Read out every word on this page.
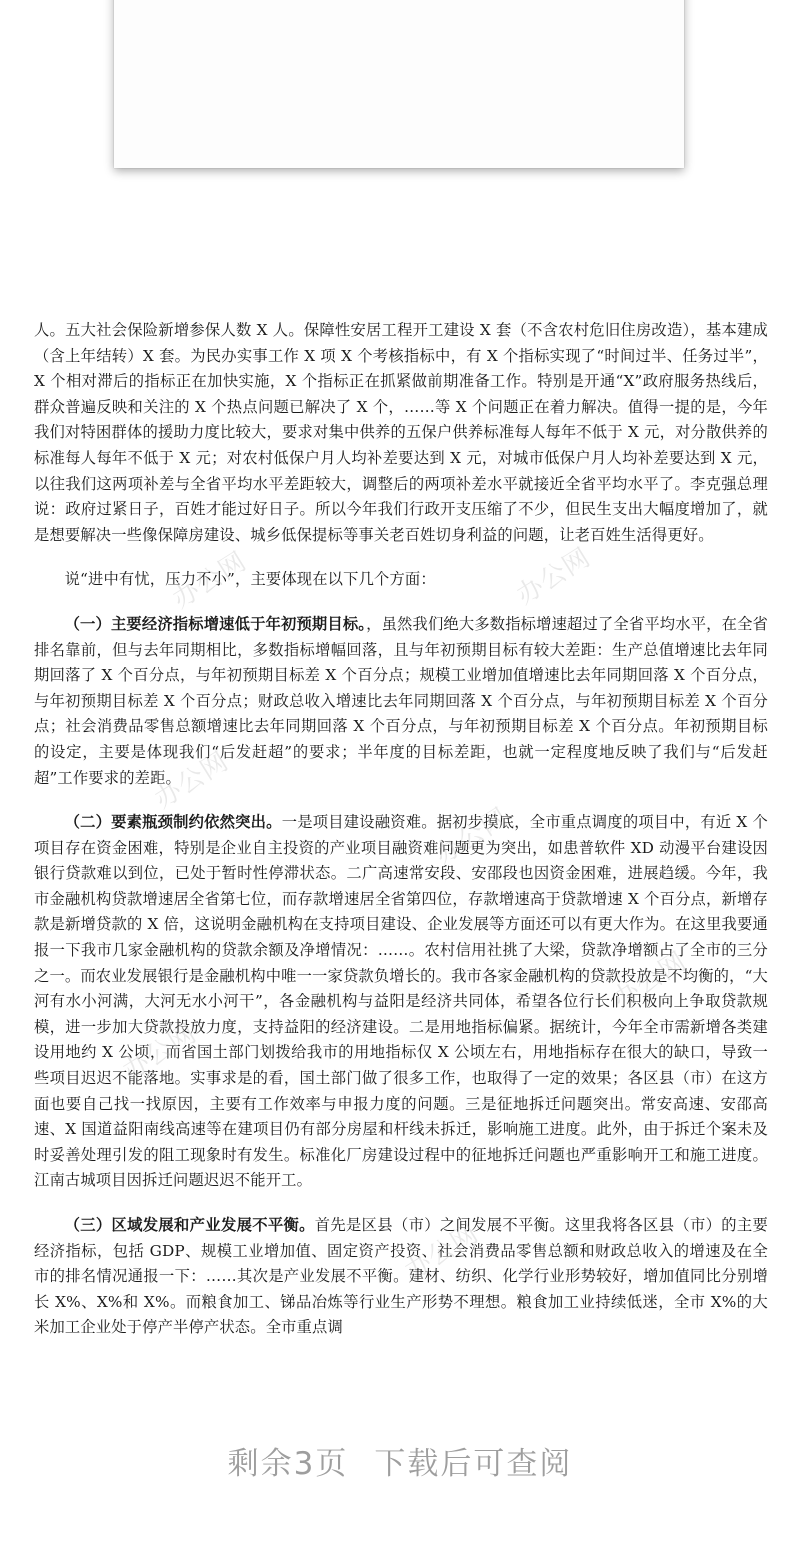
人。五大社会保险新增参保人数 X 人。保障性安居工程开工建设 X 套（不含农村危旧住房改造），基本建成（含上年结转）X 套。为民办实事工作 X 项 X 个考核指标中，有 X 个指标实现了“时间过半、任务过半”，X 个相对滞后的指标正在加快实施，X 个指标正在抓紧做前期准备工作。特别是开通“X”政府服务热线后，群众普遍反映和关注的 X 个热点问题已解决了 X 个，……等 X 个问题正在着力解决。值得一提的是，今年我们对特困群体的援助力度比较大，要求对集中供养的五保户供养标准每人每年不低于 X 元，对分散供养的标准每人每年不低于 X 元；对农村低保户月人均补差要达到 X 元，对城市低保户月人均补差要达到 X 元，以往我们这两项补差与全省平均水平差距较大，调整后的两项补差水平就接近全省平均水平了。李克强总理说：政府过紧日子，百姓才能过好日子。所以今年我们行政开支压缩了不少，但民生支出大幅度增加了，就是想要解决一些像保障房建设、城乡低保提标等事关老百姓切身利益的问题，让老百姓生活得更好。

说“进中有忧，压力不小”，主要体现在以下几个方面：

（一）主要经济指标增速低于年初预期目标。，虽然我们绝大多数指标增速超过了全省平均水平，在全省排名靠前，但与去年同期相比，多数指标增幅回落，且与年初预期目标有较大差距：生产总值增速比去年同期回落了 X 个百分点，与年初预期目标差 X 个百分点；规模工业增加值增速比去年同期回落 X 个百分点，与年初预期目标差 X 个百分点；财政总收入增速比去年同期回落 X 个百分点，与年初预期目标差 X 个百分点；社会消费品零售总额增速比去年同期回落 X 个百分点，与年初预期目标差 X 个百分点。年初预期目标的设定，主要是体现我们“后发赶超”的要求；半年度的目标差距，也就一定程度地反映了我们与“后发赶超”工作要求的差距。

（二）要素瓶颈制约依然突出。一是项目建设融资难。据初步摸底，全市重点调度的项目中，有近 X 个项目存在资金困难，特别是企业自主投资的产业项目融资难问题更为突出，如患普软件 XD 动漫平台建设因银行贷款难以到位，已处于暂时性停滞状态。二广高速常安段、安邵段也因资金困难，进展趋缓。今年，我市金融机构贷款增速居全省第七位，而存款增速居全省第四位，存款增速高于贷款增速 X 个百分点，新增存款是新增贷款的 X 倍，这说明金融机构在支持项目建设、企业发展等方面还可以有更大作为。在这里我要通报一下我市几家金融机构的贷款余额及净增情况：……。农村信用社挑了大梁，贷款净增额占了全市的三分之一。而农业发展银行是金融机构中唯一一家贷款负增长的。我市各家金融机构的贷款投放是不均衡的，“大河有水小河满，大河无水小河干”，各金融机构与益阳是经济共同体，希望各位行长们积极向上争取贷款规模，进一步加大贷款投放力度，支持益阳的经济建设。二是用地指标偏紧。据统计，今年全市需新增各类建设用地约 X 公顷，而省国土部门划拨给我市的用地指标仅 X 公顷左右，用地指标存在很大的缺口，导致一些项目迟迟不能落地。实事求是的看，国土部门做了很多工作，也取得了一定的效果；各区县（市）在这方面也要自己找一找原因，主要有工作效率与申报力度的问题。三是征地拆迁问题突出。常安高速、安邵高速、X 国道益阳南线高速等在建项目仍有部分房屋和杆线未拆迁，影响施工进度。此外，由于拆迁个案未及时妥善处理引发的阻工现象时有发生。标准化厂房建设过程中的征地拆迁问题也严重影响开工和施工进度。江南古城项目因拆迁问题迟迟不能开工。

（三）区域发展和产业发展不平衡。首先是区县（市）之间发展不平衡。这里我将各区县（市）的主要经济指标，包括 GDP、规模工业增加值、固定资产投资、社会消费品零售总额和财政总收入的增速及在全市的排名情况通报一下：……其次是产业发展不平衡。建材、纺织、化学行业形势较好，增加值同比分别增长 X%、X%和 X%。而粮食加工、锑品冶炼等行业生产形势不理想。粮食加工业持续低迷，全市 X%的大米加工企业处于停产半停产状态。全市重点调

办公网	办公网
办公网
办公网
办公网
办公网
办公网
剩余3页 下载后可查阅
